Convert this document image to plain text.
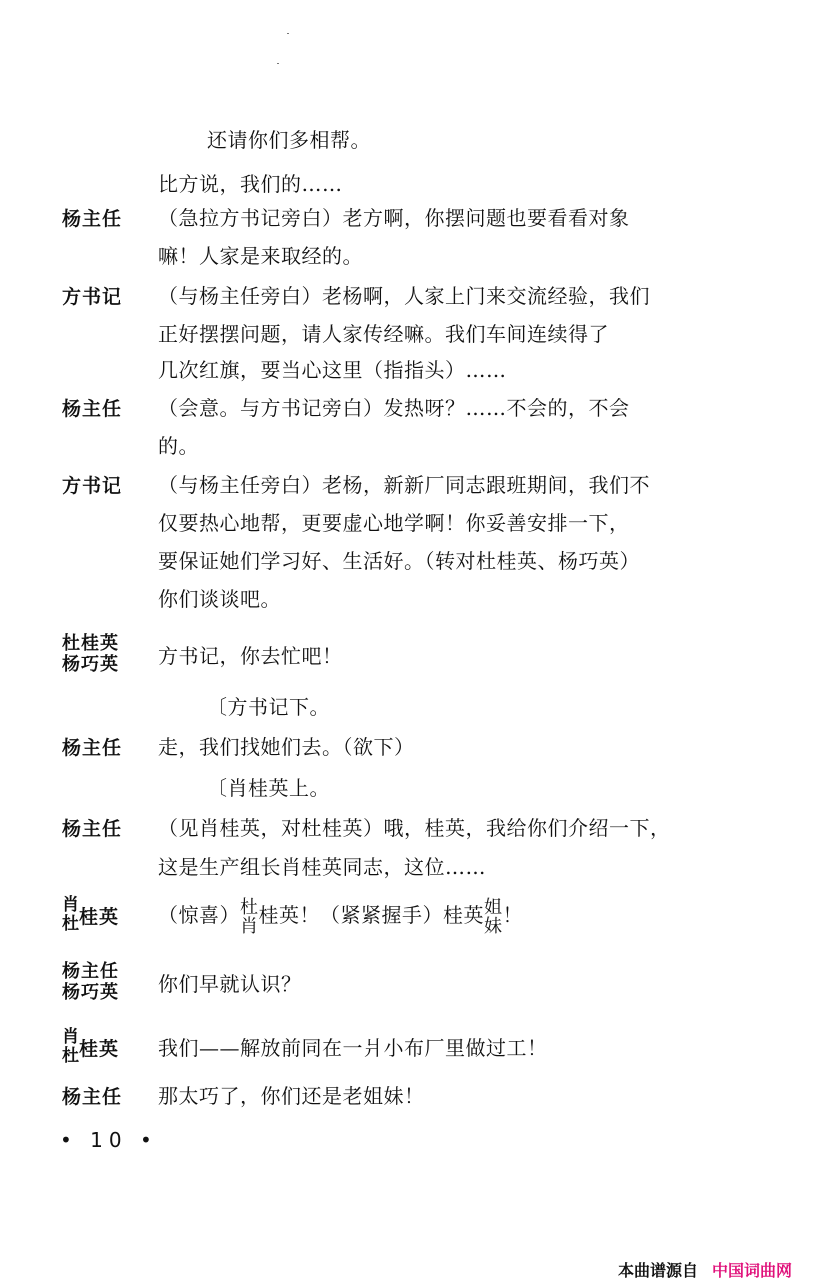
还请你们多相帮。
比方说，我们的……
杨主任 （急拉方书记旁白）老方啊，你摆问题也要看看对象
嘛！人家是来取经的。
方书记 （与杨主任旁白）老杨啊，人家上门来交流经验，我们
正好摆摆问题，请人家传经嘛。我们车间连续得了
几次红旗，要当心这里（指指头）……
杨主任 （会意。与方书记旁白）发热呀？……不会的，不会
的。
方书记 （与杨主任旁白）老杨，新新厂同志跟班期间，我们不
仅要热心地帮，更要虚心地学啊！你妥善安排一下，
要保证她们学习好、生活好。（转对杜桂英、杨巧英）
你们谈谈吧。
杜桂英
杨巧英 方书记，你去忙吧！
〔方书记下。
杨主任 走，我们找她们去。（欲下）
〔肖桂英上。
杨主任 （见肖桂英，对杜桂英）哦，桂英，我给你们介绍一下，
这是生产组长肖桂英同志，这位……
肖
杜 桂英 （惊喜） 杜
肖 桂英！（紧紧握手）桂英 姐
妹 ！
杨主任
杨巧英 你们早就认识？
肖
杜 桂英 我们——解放前同在一爿小布厂里做过工！
杨主任 那太巧了，你们还是老姐妹！
• 10 •
本曲谱源自 中国词曲网
